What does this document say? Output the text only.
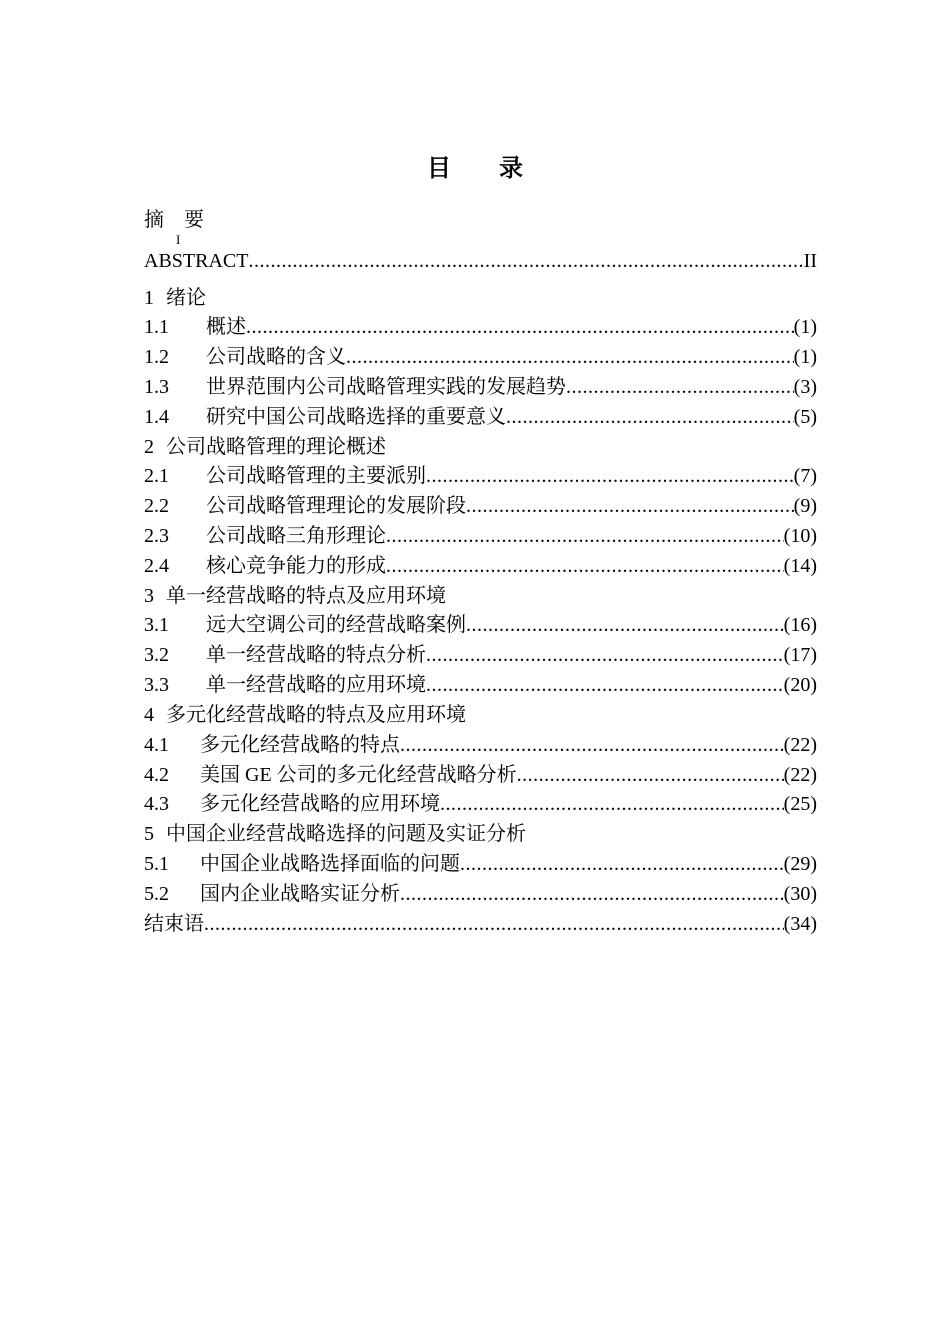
目 录
摘 要
I
ABSTRACT .....	II
1 绪论
1.1	概述 .....	(1)
1.2	公司战略的含义 .....	(1)
1.3	世界范围内公司战略管理实践的发展趋势 .....	(3)
1.4	研究中国公司战略选择的重要意义 .....	(5)
2 公司战略管理的理论概述
2.1	公司战略管理的主要派别 .....	(7)
2.2	公司战略管理理论的发展阶段 .....	(9)
2.3	公司战略三角形理论 .....	(10)
2.4	核心竞争能力的形成 .....	(14)
3 单一经营战略的特点及应用环境
3.1	远大空调公司的经营战略案例 .....	(16)
3.2	单一经营战略的特点分析 .....	(17)
3.3	单一经营战略的应用环境 .....	(20)
4 多元化经营战略的特点及应用环境
4.1	多元化经营战略的特点 .....	(22)
4.2	美国 GE 公司的多元化经营战略分析 .....	(22)
4.3	多元化经营战略的应用环境 .....	(25)
5 中国企业经营战略选择的问题及实证分析
5.1	中国企业战略选择面临的问题 .....	(29)
5.2	国内企业战略实证分析 .....	(30)
结束语 .....	(34)
